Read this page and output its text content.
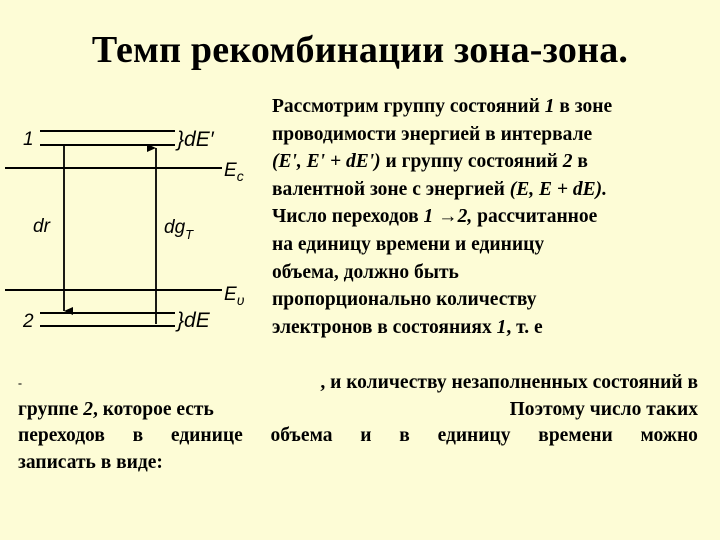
Темп рекомбинации зона-зона.
1
2
}dE′
}dE
$E_c$
$E_\upsilon$
dr	$dg_T$
Рассмотрим группу состояний 1 в зоне
проводимости энергией в интервале
(E', E' + dE') и группу состояний 2 в
валентной зоне с энергией (E, E + dE).
Число переходов 1 →2, рассчитанное
на единицу времени и единицу
объема, должно быть
пропорционально количеству
электронов в состояниях 1, т. е
-	, и количеству незаполненных состояний в
группе 2, которое есть	Поэтому число таких
переходов в единице объема и в единицу времени можно
записать в виде:
